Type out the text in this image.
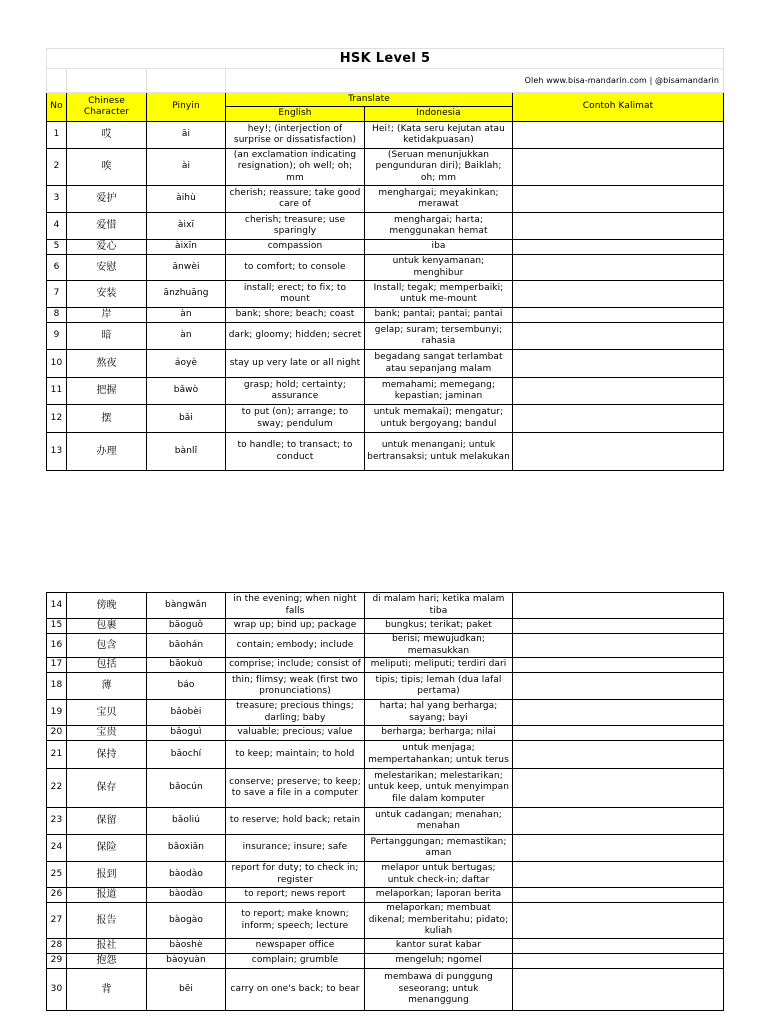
HSK Level 5					
			Oleh www.bisa-mandarin.com | @bisamandarin		
No	Chinese Character	Pinyin	Translate		Contoh Kalimat
			English	Indonesia	
1	哎	āi	hey!; (interjection of surprise or dissatisfaction)	Hei!; (Kata seru kejutan atau ketidakpuasan)	
2	唉	ài	(an exclamation indicating resignation); oh well; oh; mm	(Seruan menunjukkan pengunduran diri); Baiklah; oh; mm	
3	爱护	àihù	cherish; reassure; take good care of	menghargai; meyakinkan; merawat	
4	爱惜	àixī	cherish; treasure; use sparingly	menghargai; harta; menggunakan hemat	
5	爱心	àixīn	compassion	iba	
6	安慰	ānwèi	to comfort; to console	untuk kenyamanan; menghibur	
7	安装	ānzhuāng	install; erect; to fix; to mount	Install; tegak; memperbaiki; untuk me-mount	
8	岸	àn	bank; shore; beach; coast	bank; pantai; pantai; pantai	
9	暗	àn	dark; gloomy; hidden; secret	gelap; suram; tersembunyi; rahasia	
10	熬夜	áoyè	stay up very late or all night	begadang sangat terlambat atau sepanjang malam	
11	把握	bǎwò	grasp; hold; certainty; assurance	memahami; memegang; kepastian; jaminan	
12	摆	bǎi	to put (on); arrange; to sway; pendulum	untuk memakai); mengatur; untuk bergoyang; bandul	
13	办理	bànlǐ	to handle; to transact; to conduct	untuk menangani; untuk bertransaksi; untuk melakukan	
14	傍晚	bàngwǎn	in the evening; when night falls	di malam hari; ketika malam tiba	
15	包裹	bāoguǒ	wrap up; bind up; package	bungkus; terikat; paket	
16	包含	bāohán	contain; embody; include	berisi; mewujudkan; memasukkan	
17	包括	bāokuò	comprise; include; consist of	meliputi; meliputi; terdiri dari	
18	薄	báo	thin; flimsy; weak (first two pronunciations)	tipis; tipis; lemah (dua lafal pertama)	
19	宝贝	bǎobèi	treasure; precious things; darling; baby	harta; hal yang berharga; sayang; bayi	
20	宝贵	bǎoguì	valuable; precious; value	berharga; berharga; nilai	
21	保持	bǎochí	to keep; maintain; to hold	untuk menjaga; mempertahankan; untuk terus	
22	保存	bǎocún	conserve; preserve; to keep; to save a file in a computer	melestarikan; melestarikan; untuk keep, untuk menyimpan file dalam komputer	
23	保留	bǎoliú	to reserve; hold back; retain	untuk cadangan; menahan; menahan	
24	保险	bǎoxiǎn	insurance; insure; safe	Pertanggungan; memastikan; aman	
25	报到	bàodào	report for duty; to check in; register	melapor untuk bertugas; untuk check-in; daftar	
26	报道	bàodào	to report; news report	melaporkan; laporan berita	
27	报告	bàogào	to report; make known; inform; speech; lecture	melaporkan; membuat dikenal; memberitahu; pidato; kuliah	
28	报社	bàoshè	newspaper office	kantor surat kabar	
29	抱怨	bàoyuàn	complain; grumble	mengeluh; ngomel	
30	背	bēi	carry on one's back; to bear	membawa di punggung seseorang; untuk menanggung	
